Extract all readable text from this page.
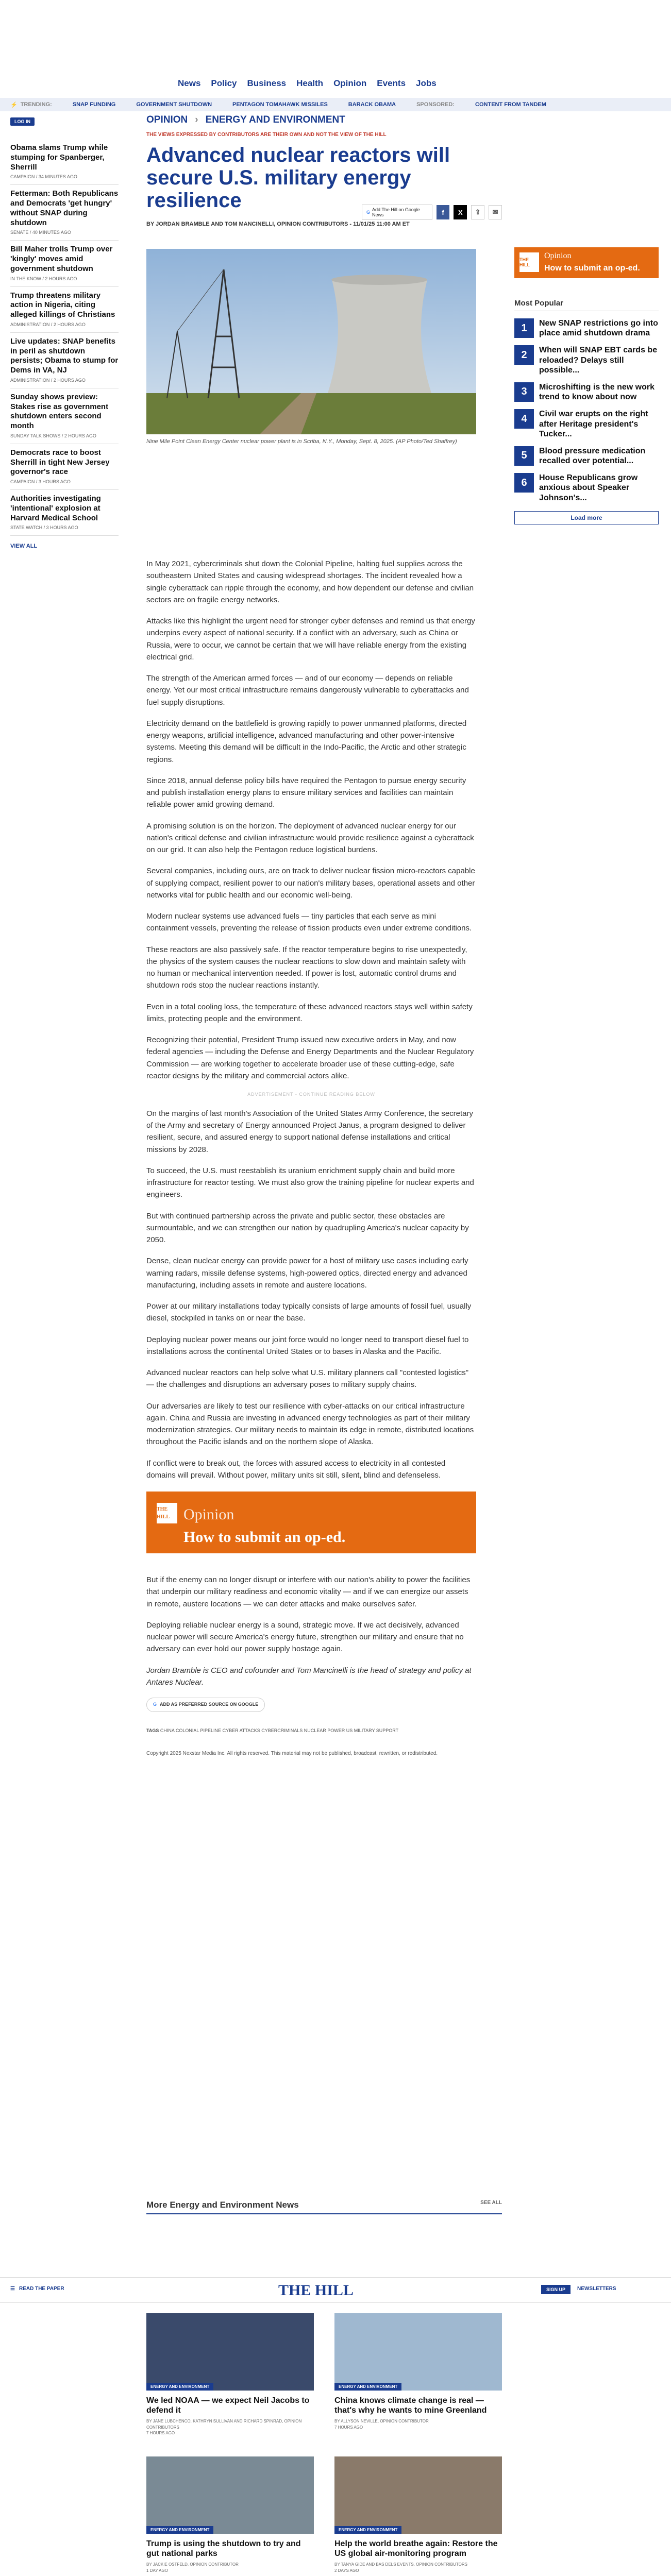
News Policy Business Health Opinion Events Jobs
⚡ TRENDING:	SNAP FUNDING	GOVERNMENT SHUTDOWN	PENTAGON TOMAHAWK MISSILES	BARACK OBAMA	SPONSORED:	CONTENT FROM TANDEM
LOG IN
Obama slams Trump while stumping for Spanberger, Sherrill
CAMPAIGN / 34 MINUTES AGO
Fetterman: Both Republicans and Democrats 'get hungry' without SNAP during shutdown
SENATE / 40 MINUTES AGO
Bill Maher trolls Trump over 'kingly' moves amid government shutdown
IN THE KNOW / 2 HOURS AGO
Trump threatens military action in Nigeria, citing alleged killings of Christians
ADMINISTRATION / 2 HOURS AGO
Live updates: SNAP benefits in peril as shutdown persists; Obama to stump for Dems in VA, NJ
ADMINISTRATION / 2 HOURS AGO
Sunday shows preview: Stakes rise as government shutdown enters second month
SUNDAY TALK SHOWS / 2 HOURS AGO
Democrats race to boost Sherrill in tight New Jersey governor's race
CAMPAIGN / 3 HOURS AGO
Authorities investigating 'intentional' explosion at Harvard Medical School
STATE WATCH / 3 HOURS AGO
VIEW ALL
OPINION › ENERGY AND ENVIRONMENT
THE VIEWS EXPRESSED BY CONTRIBUTORS ARE THEIR OWN AND NOT THE VIEW OF THE HILL
Advanced nuclear reactors will secure U.S. military energy resilience
BY JORDAN BRAMBLE AND TOM MANCINELLI, OPINION CONTRIBUTORS - 11/01/25 11:00 AM ET
G Add The Hill on Google News	f	X	⇪	✉
Nine Mile Point Clean Energy Center nuclear power plant is in Scriba, N.Y., Monday, Sept. 8, 2025. (AP Photo/Ted Shaffrey)

In May 2021, cybercriminals shut down the Colonial Pipeline, halting fuel supplies across the southeastern United States and causing widespread shortages. The incident revealed how a single cyberattack can ripple through the economy, and how dependent our defense and civilian sectors are on fragile energy networks.

Attacks like this highlight the urgent need for stronger cyber defenses and remind us that energy underpins every aspect of national security. If a conflict with an adversary, such as China or Russia, were to occur, we cannot be certain that we will have reliable energy from the existing electrical grid.

The strength of the American armed forces — and of our economy — depends on reliable energy. Yet our most critical infrastructure remains dangerously vulnerable to cyberattacks and fuel supply disruptions.

Electricity demand on the battlefield is growing rapidly to power unmanned platforms, directed energy weapons, artificial intelligence, advanced manufacturing and other power-intensive systems. Meeting this demand will be difficult in the Indo-Pacific, the Arctic and other strategic regions.

Since 2018, annual defense policy bills have required the Pentagon to pursue energy security and publish installation energy plans to ensure military services and facilities can maintain reliable power amid growing demand.

A promising solution is on the horizon. The deployment of advanced nuclear energy for our nation's critical defense and civilian infrastructure would provide resilience against a cyberattack on our grid. It can also help the Pentagon reduce logistical burdens.

Several companies, including ours, are on track to deliver nuclear fission micro-reactors capable of supplying compact, resilient power to our nation's military bases, operational assets and other networks vital for public health and our economic well-being.

Modern nuclear systems use advanced fuels — tiny particles that each serve as mini containment vessels, preventing the release of fission products even under extreme conditions.

These reactors are also passively safe. If the reactor temperature begins to rise unexpectedly, the physics of the system causes the nuclear reactions to slow down and maintain safety with no human or mechanical intervention needed. If power is lost, automatic control drums and shutdown rods stop the nuclear reactions instantly.

Even in a total cooling loss, the temperature of these advanced reactors stays well within safety limits, protecting people and the environment.

Recognizing their potential, President Trump issued new executive orders in May, and now federal agencies — including the Defense and Energy Departments and the Nuclear Regulatory Commission — are working together to accelerate broader use of these cutting-edge, safe reactor designs by the military and commercial actors alike.

ADVERTISEMENT - CONTINUE READING BELOW

On the margins of last month's Association of the United States Army Conference, the secretary of the Army and secretary of Energy announced Project Janus, a program designed to deliver resilient, secure, and assured energy to support national defense installations and critical missions by 2028.

To succeed, the U.S. must reestablish its uranium enrichment supply chain and build more infrastructure for reactor testing. We must also grow the training pipeline for nuclear experts and engineers.

But with continued partnership across the private and public sector, these obstacles are surmountable, and we can strengthen our nation by quadrupling America's nuclear capacity by 2050.

Dense, clean nuclear energy can provide power for a host of military use cases including early warning radars, missile defense systems, high-powered optics, directed energy and advanced manufacturing, including assets in remote and austere locations.

Power at our military installations today typically consists of large amounts of fossil fuel, usually diesel, stockpiled in tanks on or near the base.

Deploying nuclear power means our joint force would no longer need to transport diesel fuel to installations across the continental United States or to bases in Alaska and the Pacific.

Advanced nuclear reactors can help solve what U.S. military planners call "contested logistics" — the challenges and disruptions an adversary poses to military supply chains.

Our adversaries are likely to test our resilience with cyber-attacks on our critical infrastructure again. China and Russia are investing in advanced energy technologies as part of their military modernization strategies. Our military needs to maintain its edge in remote, distributed locations throughout the Pacific islands and on the northern slope of Alaska.

If conflict were to break out, the forces with assured access to electricity in all contested domains will prevail. Without power, military units sit still, silent, blind and defenseless.

THE HILL Opinion
How to submit an op-ed.

But if the enemy can no longer disrupt or interfere with our nation's ability to power the facilities that underpin our military readiness and economic vitality — and if we can energize our assets in remote, austere locations — we can deter attacks and make ourselves safer.

Deploying reliable nuclear energy is a sound, strategic move. If we act decisively, advanced nuclear power will secure America's energy future, strengthen our military and ensure that no adversary can ever hold our power supply hostage again.

Jordan Bramble is CEO and cofounder and Tom Mancinelli is the head of strategy and policy at Antares Nuclear.

G ADD AS PREFERRED SOURCE ON GOOGLE
TAGS CHINA COLONIAL PIPELINE CYBER ATTACKS CYBERCRIMINALS NUCLEAR POWER US MILITARY SUPPORT
Copyright 2025 Nexstar Media Inc. All rights reserved. This material may not be published, broadcast, rewritten, or redistributed.
THE HILL
Opinion
How to submit an op-ed.
Most Popular
1	New SNAP restrictions go into place amid shutdown drama
2	When will SNAP EBT cards be reloaded? Delays still possible...
3	Microshifting is the new work trend to know about now
4	Civil war erupts on the right after Heritage president's Tucker...
5	Blood pressure medication recalled over potential...
6	House Republicans grow anxious about Speaker Johnson's...
Load more
More Energy and Environment News	SEE ALL
☰ READ THE PAPER	THE HILL	SIGN UP	NEWSLETTERS
ENERGY AND ENVIRONMENT
We led NOAA — we expect Neil Jacobs to defend it
BY JANE LUBCHENCO, KATHRYN SULLIVAN AND RICHARD SPINRAD, OPINION CONTRIBUTORS
7 HOURS AGO
ENERGY AND ENVIRONMENT
China knows climate change is real — that's why he wants to mine Greenland
BY ALLYSON NEVILLE, OPINION CONTRIBUTOR
7 HOURS AGO
ENERGY AND ENVIRONMENT
Trump is using the shutdown to try and gut national parks
BY JACKIE OSTFELD, OPINION CONTRIBUTOR
1 DAY AGO
ENERGY AND ENVIRONMENT
Help the world breathe again: Restore the US global air-monitoring program
BY TANYA GIDE AND BAS DELS EVENTS, OPINION CONTRIBUTORS
2 DAYS AGO
